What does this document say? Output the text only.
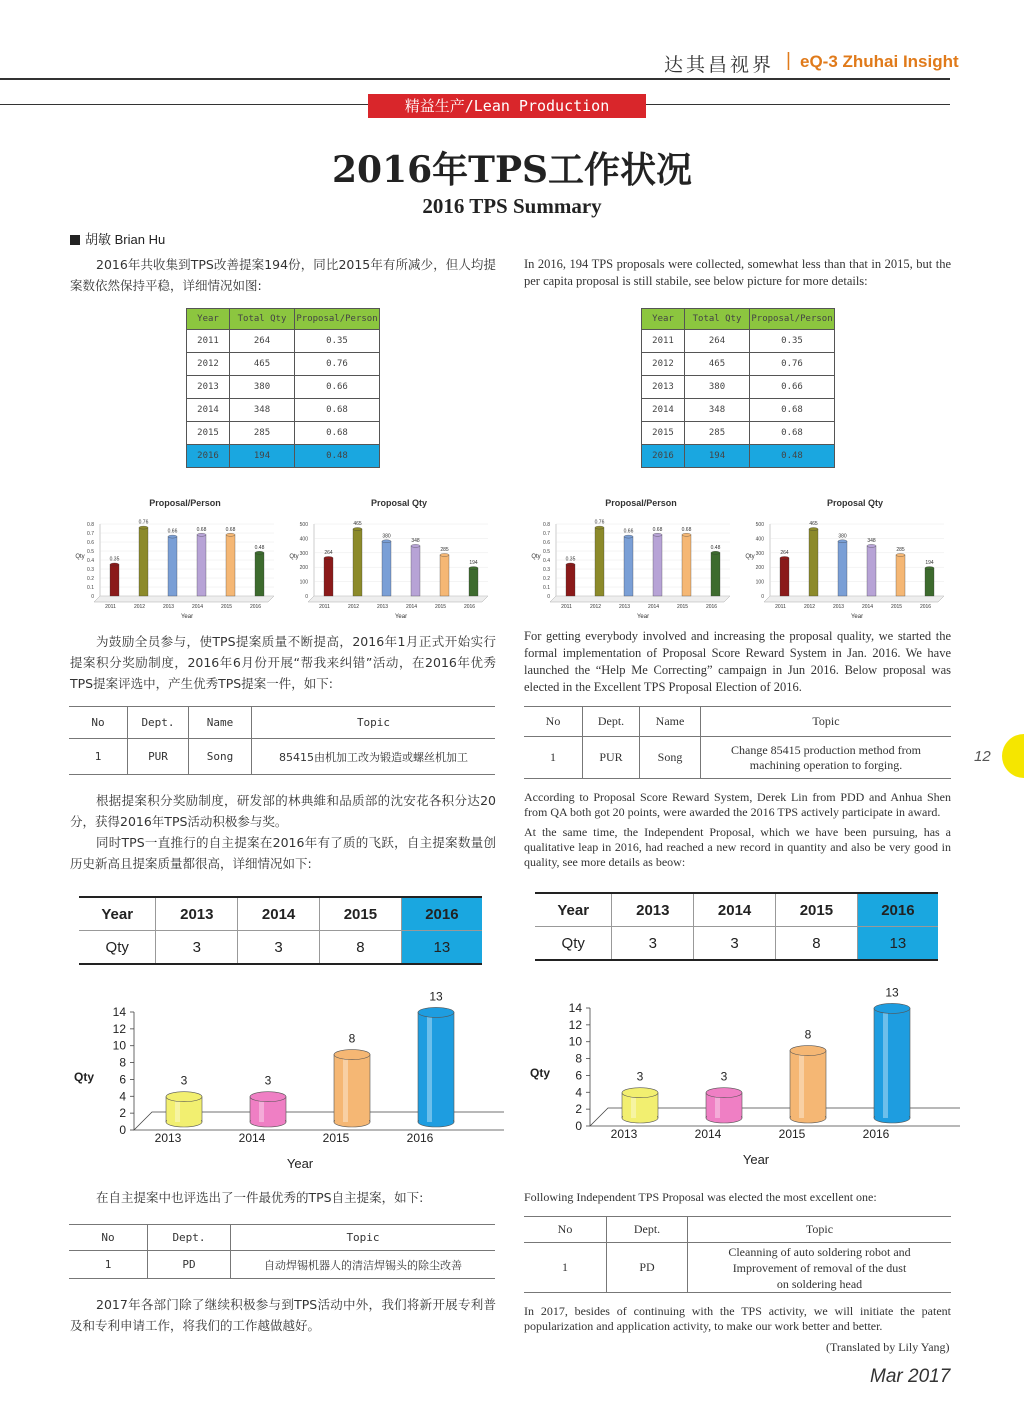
达其昌视界 | eQ-3 Zhuhai Insight
精益生产/Lean Production
2016年TPS工作状况
2016 TPS Summary
胡敏 Brian Hu
2016年共收集到TPS改善提案194份，同比2015年有所减少，但人均提案数依然保持平稳，详细情况如图:
In 2016, 194 TPS proposals were collected, somewhat less than that in 2015, but the per capita proposal is still stabile, see below picture for more details:
Year	Total Qty	Proposal/Person
2011	264	0.35
2012	465	0.76
2013	380	0.66
2014	348	0.68
2015	285	0.68
2016	194	0.48
Year	Total Qty	Proposal/Person
2011	264	0.35
2012	465	0.76
2013	380	0.66
2014	348	0.68
2015	285	0.68
2016	194	0.48
Proposal/Person
Qty
Year
0
0.1
0.2
0.3
0.4
0.5
0.6
0.7
0.8
0.35
2011
0.76
2012
0.66
2013
0.68
2014
0.68
2015
0.48
2016
Proposal Qty
Qty
Year
0
100
200
300
400
500
264
2011
465
2012
380
2013
348
2014
285
2015
194
2016
Proposal/Person
Qty
Year
0
0.1
0.2
0.3
0.4
0.5
0.6
0.7
0.8
0.35
2011
0.76
2012
0.66
2013
0.68
2014
0.68
2015
0.48
2016
Proposal Qty
Qty
Year
0
100
200
300
400
500
264
2011
465
2012
380
2013
348
2014
285
2015
194
2016
为鼓励全员参与，使TPS提案质量不断提高，2016年1月正式开始实行提案积分奖励制度，2016年6月份开展“帮我来纠错”活动，在2016年优秀TPS提案评选中，产生优秀TPS提案一件，如下:
For getting everybody involved and increasing the proposal quality, we started the formal implementation of Proposal Score Reward System in Jan. 2016. We have launched the “Help Me Correcting” campaign in Jun 2016. Below proposal was elected in the Excellent TPS Proposal Election of 2016.
No	Dept.	Name	Topic
1	PUR	Song	85415由机加工改为锻造或螺丝机加工
No	Dept.	Name	Topic
1	PUR	Song	Change 85415 production method from machining operation to forging.
根据提案积分奖励制度，研发部的林典維和品质部的沈安花各积分达20分，获得2016年TPS活动积极参与奖。
同时TPS一直推行的自主提案在2016年有了质的飞跃，自主提案数量创历史新高且提案质量都很高，详细情况如下:
According to Proposal Score Reward System, Derek Lin from PDD and Anhua Shen from QA both got 20 points, were awarded the 2016 TPS actively participate in award.
At the same time, the Independent Proposal, which we have been pursuing, has a qualitative leap in 2016, had reached a new record in quantity and also be very good in quality, see more details as beow:
Year	2013	2014	2015	2016
Qty	3	3	8	13
Year	2013	2014	2015	2016
Qty	3	3	8	13
Qty
Year
0
2
4
6
8
10
12
14
3
2013
3
2014
8
2015
13
2016
Qty
Year
0
2
4
6
8
10
12
14
3
2013
3
2014
8
2015
13
2016
在自主提案中也评选出了一件最优秀的TPS自主提案，如下:	Following Independent TPS Proposal was elected the most excellent one:
No	Dept.	Topic
1	PD	自动焊锡机器人的清洁焊锡头的除尘改善
No	Dept.	Topic
1	PD	Cleanning of auto soldering robot and Improvement of removal of the dust on soldering head
2017年各部门除了继续积极参与到TPS活动中外，我们将新开展专利普及和专利申请工作，将我们的工作越做越好。
In 2017, besides of continuing with the TPS activity, we will initiate the patent popularization and application activity, to make our work better and better.
(Translated by Lily Yang)
12
Mar 2017
